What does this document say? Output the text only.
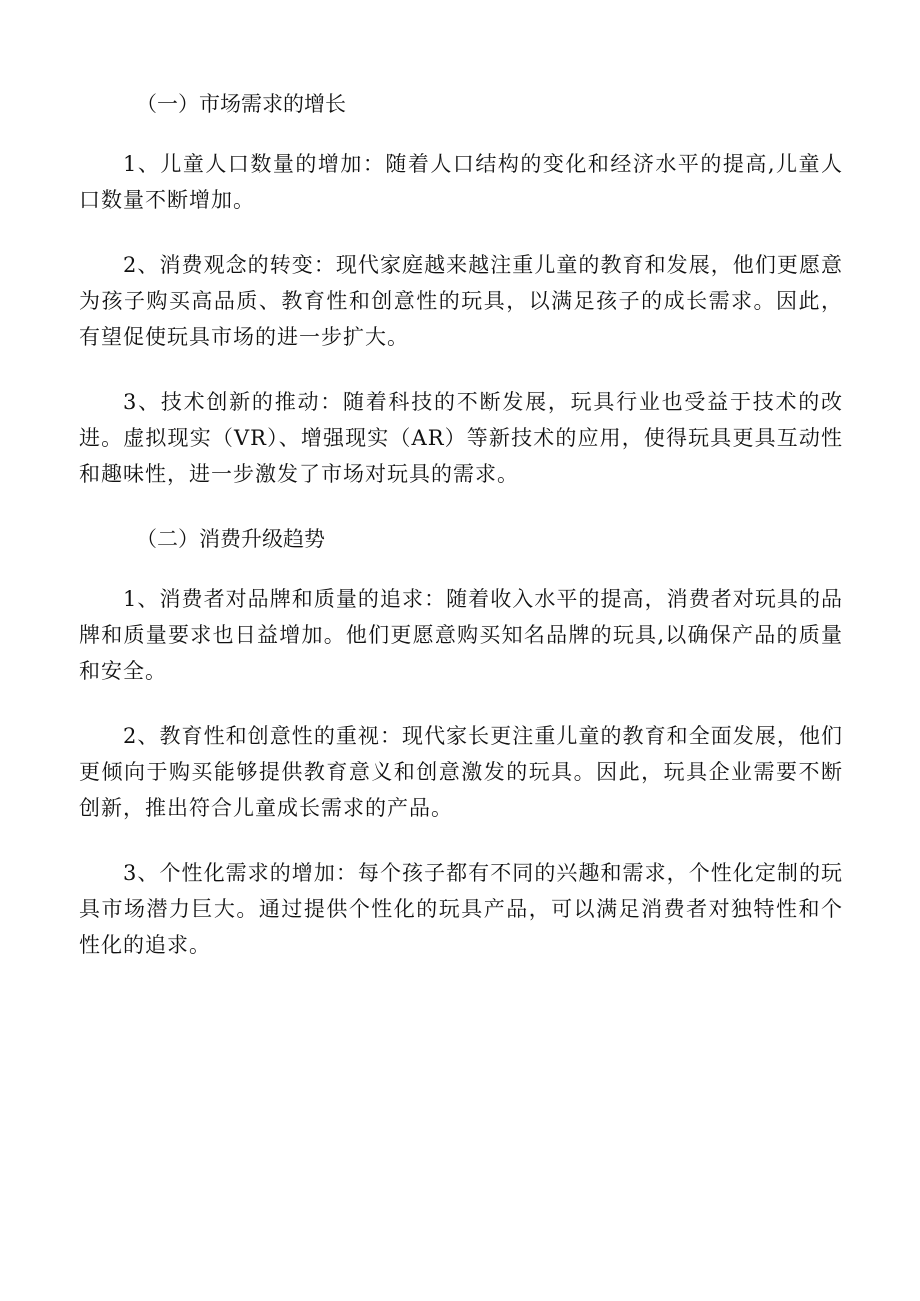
（一）市场需求的增长

1、儿童人口数量的增加：随着人口结构的变化和经济水平的提高,儿童人口数量不断增加。

2、消费观念的转变：现代家庭越来越注重儿童的教育和发展，他们更愿意为孩子购买高品质、教育性和创意性的玩具，以满足孩子的成长需求。因此，有望促使玩具市场的进一步扩大。

3、技术创新的推动：随着科技的不断发展，玩具行业也受益于技术的改进。虚拟现实（VR）、增强现实（AR）等新技术的应用，使得玩具更具互动性和趣味性，进一步激发了市场对玩具的需求。

（二）消费升级趋势

1、消费者对品牌和质量的追求：随着收入水平的提高，消费者对玩具的品牌和质量要求也日益增加。他们更愿意购买知名品牌的玩具,以确保产品的质量和安全。

2、教育性和创意性的重视：现代家长更注重儿童的教育和全面发展，他们更倾向于购买能够提供教育意义和创意激发的玩具。因此，玩具企业需要不断创新，推出符合儿童成长需求的产品。

3、个性化需求的增加：每个孩子都有不同的兴趣和需求，个性化定制的玩具市场潜力巨大。通过提供个性化的玩具产品，可以满足消费者对独特性和个性化的追求。
